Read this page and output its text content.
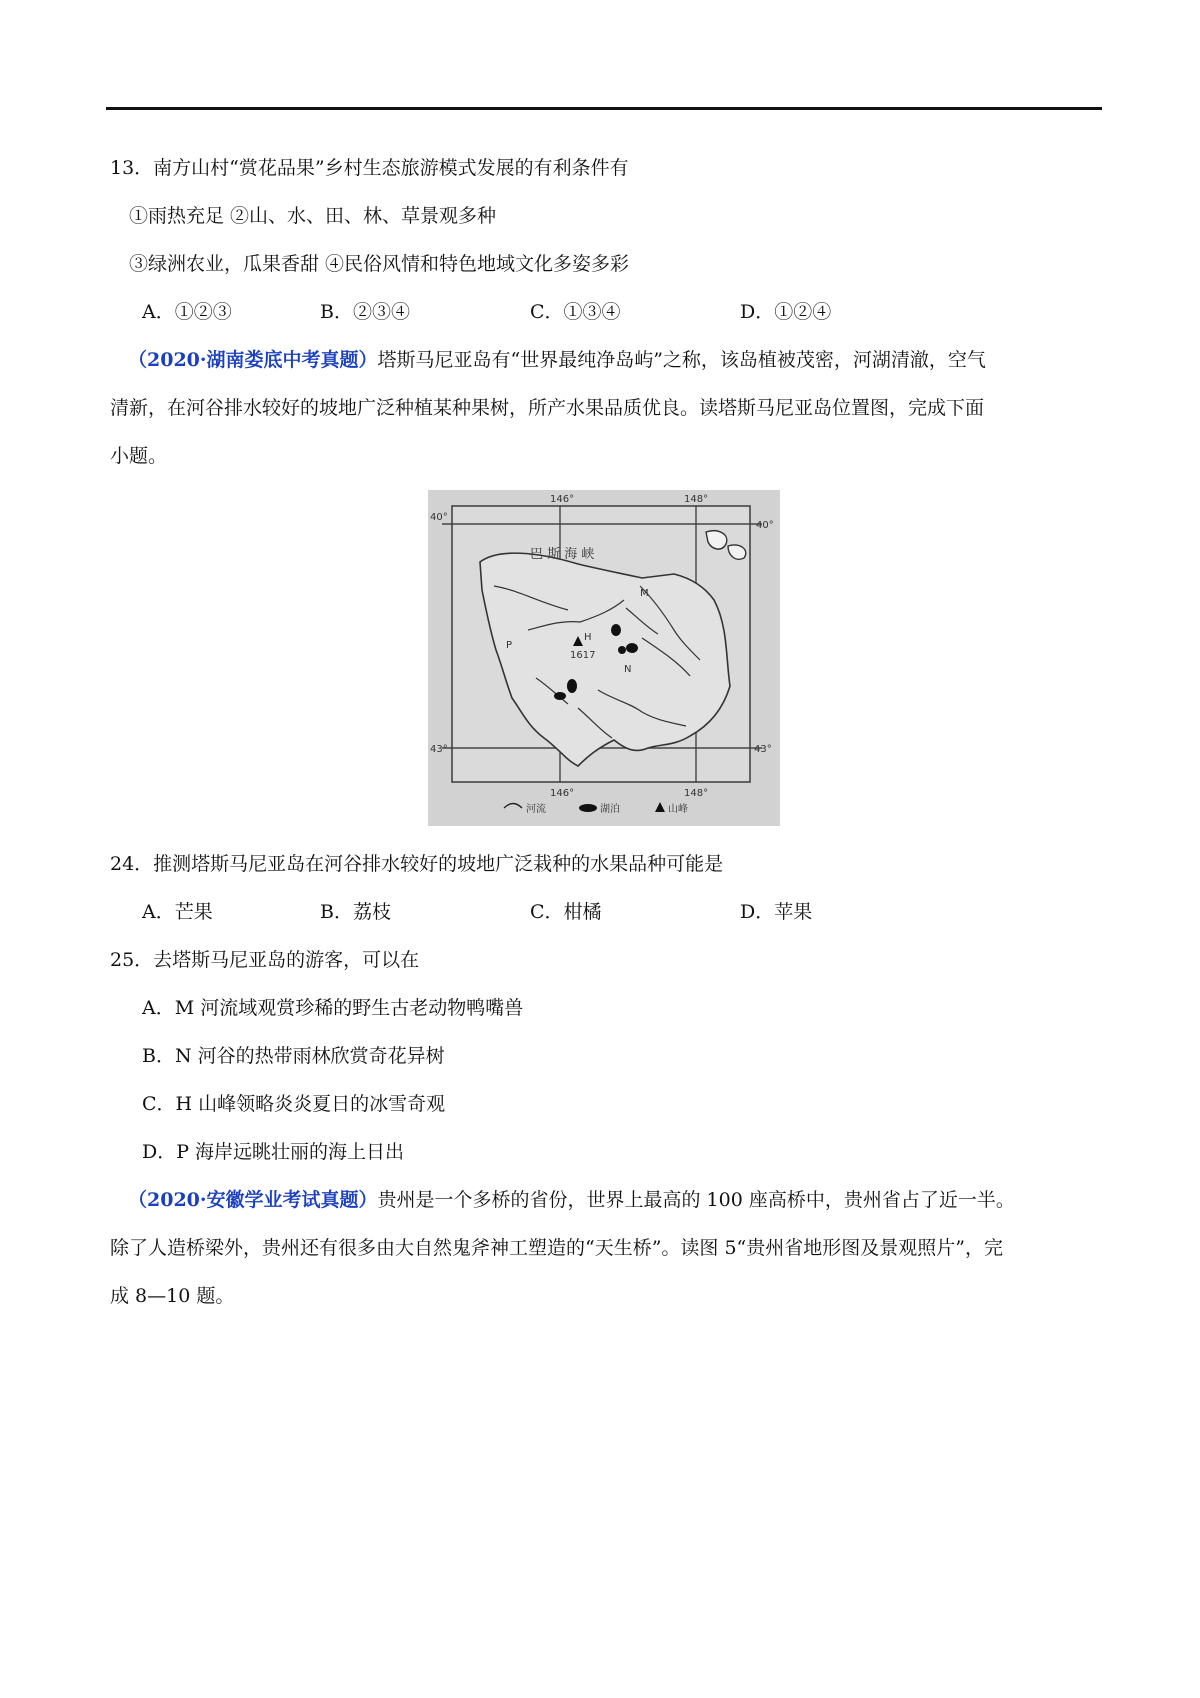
13．南方山村“赏花品果”乡村生态旅游模式发展的有利条件有
①雨热充足 ②山、水、田、林、草景观多种
③绿洲农业，瓜果香甜 ④民俗风情和特色地域文化多姿多彩
A．①②③	B．②③④	C．①③④	D．①②④
（2020·湖南娄底中考真题）塔斯马尼亚岛有“世界最纯净岛屿”之称，该岛植被茂密，河湖清澈，空气
清新，在河谷排水较好的坡地广泛种植某种果树，所产水果品质优良。读塔斯马尼亚岛位置图，完成下面
小题。
H
1617
M
N
P
巴 斯 海 峡
146°	148°
146°	148°
40°
40°
43°	43°
河流	湖泊	山峰
24．推测塔斯马尼亚岛在河谷排水较好的坡地广泛栽种的水果品种可能是
A．芒果	B．荔枝	C．柑橘	D．苹果
25．去塔斯马尼亚岛的游客，可以在
A．M 河流域观赏珍稀的野生古老动物鸭嘴兽
B．N 河谷的热带雨林欣赏奇花异树
C．H 山峰领略炎炎夏日的冰雪奇观
D．P 海岸远眺壮丽的海上日出
（2020·安徽学业考试真题）贵州是一个多桥的省份，世界上最高的 100 座高桥中，贵州省占了近一半。
除了人造桥梁外，贵州还有很多由大自然鬼斧神工塑造的“天生桥”。读图 5“贵州省地形图及景观照片”，完
成 8—10 题。
